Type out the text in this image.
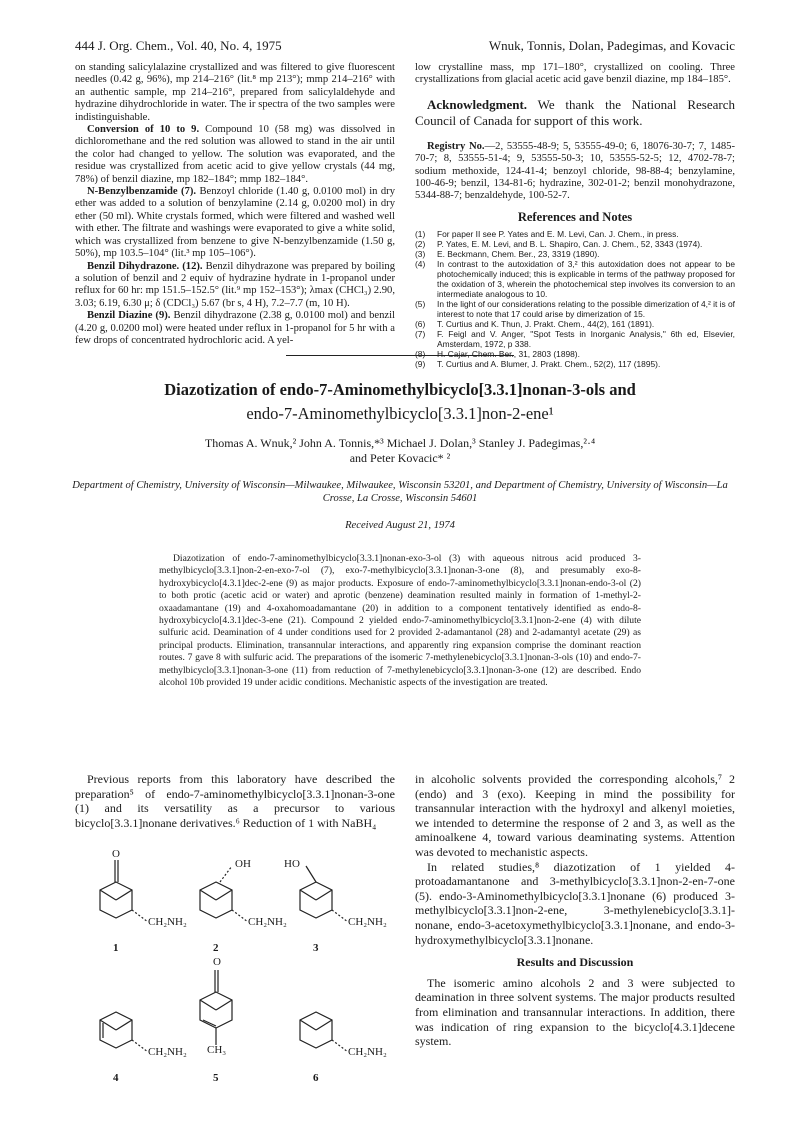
444 J. Org. Chem., Vol. 40, No. 4, 1975	Wnuk, Tonnis, Dolan, Padegimas, and Kovacic

on standing salicylalazine crystallized and was filtered to give fluorescent needles (0.42 g, 96%), mp 214–216° (lit.⁸ mp 213°); mmp 214–216° with an authentic sample, mp 214–216°, prepared from salicylaldehyde and hydrazine dihydrochloride in water. The ir spectra of the two samples were indistinguishable.

Conversion of 10 to 9. Compound 10 (58 mg) was dissolved in dichloromethane and the red solution was allowed to stand in the air until the color had changed to yellow. The solution was evaporated, and the residue was crystallized from acetic acid to give yellow crystals (44 mg, 78%) of benzil diazine, mp 182–184°; mmp 182–184°.

N-Benzylbenzamide (7). Benzoyl chloride (1.40 g, 0.0100 mol) in dry ether was added to a solution of benzylamine (2.14 g, 0.0200 mol) in dry ether (50 ml). White crystals formed, which were filtered and washed well with ether. The filtrate and washings were evaporated to give a white solid, which was crystallized from benzene to give N-benzylbenzamide (1.50 g, 50%), mp 103.5–104° (lit.³ mp 105–106°).

Benzil Dihydrazone. (12). Benzil dihydrazone was prepared by boiling a solution of benzil and 2 equiv of hydrazine hydrate in 1-propanol under reflux for 60 hr: mp 151.5–152.5° (lit.⁹ mp 152–153°); λmax (CHCl₃) 2.90, 3.03; 6.19, 6.30 μ; δ (CDCl₃) 5.67 (br s, 4 H), 7.2–7.7 (m, 10 H).

Benzil Diazine (9). Benzil dihydrazone (2.38 g, 0.0100 mol) and benzil (4.20 g, 0.0200 mol) were heated under reflux in 1-propanol for 5 hr with a few drops of concentrated hydrochloric acid. A yel-

low crystalline mass, mp 171–180°, crystallized on cooling. Three crystallizations from glacial acetic acid gave benzil diazine, mp 184–185°.

Acknowledgment. We thank the National Research Council of Canada for support of this work.

Registry No.—2, 53555-48-9; 5, 53555-49-0; 6, 18076-30-7; 7, 1485-70-7; 8, 53555-51-4; 9, 53555-50-3; 10, 53555-52-5; 12, 4702-78-7; sodium methoxide, 124-41-4; benzoyl chloride, 98-88-4; benzylamine, 100-46-9; benzil, 134-81-6; hydrazine, 302-01-2; benzil monohydrazone, 5344-88-7; benzaldehyde, 100-52-7.

References and Notes
(1) For paper II see P. Yates and E. M. Levi, Can. J. Chem., in press.
(2) P. Yates, E. M. Levi, and B. L. Shapiro, Can. J. Chem., 52, 3343 (1974).
(3) E. Beckmann, Chem. Ber., 23, 3319 (1890).
(4) In contrast to the autoxidation of 3,² this autoxidation does not appear to be photochemically induced; this is explicable in terms of the pathway proposed for the oxidation of 3, wherein the photochemical step involves its conversion to an intermediate analogous to 10.
(5) In the light of our considerations relating to the possible dimerization of 4,² it is of interest to note that 17 could arise by dimerization of 15.
(6) T. Curtius and K. Thun, J. Prakt. Chem., 44(2), 161 (1891).
(7) F. Feigl and V. Anger, "Spot Tests in Inorganic Analysis," 6th ed, Elsevier, Amsterdam, 1972, p 338.
(8) H. Cajar, Chem. Ber., 31, 2803 (1898).
(9) T. Curtius and A. Blumer, J. Prakt. Chem., 52(2), 117 (1895).
Diazotization of endo-7-Aminomethylbicyclo[3.3.1]nonan-3-ols and
endo-7-Aminomethylbicyclo[3.3.1]non-2-ene¹
Thomas A. Wnuk,² John A. Tonnis,*³ Michael J. Dolan,³ Stanley J. Padegimas,²·⁴
and Peter Kovacic* ²
Department of Chemistry, University of Wisconsin—Milwaukee, Milwaukee, Wisconsin 53201, and Department of Chemistry, University of Wisconsin—La Crosse, La Crosse, Wisconsin 54601
Received August 21, 1974
Diazotization of endo-7-aminomethylbicyclo[3.3.1]nonan-exo-3-ol (3) with aqueous nitrous acid produced 3-methylbicyclo[3.3.1]non-2-en-exo-7-ol (7), exo-7-methylbicyclo[3.3.1]nonan-3-one (8), and presumably exo-8-hydroxybicyclo[4.3.1]dec-2-ene (9) as major products. Exposure of endo-7-aminomethylbicyclo[3.3.1]nonan-endo-3-ol (2) to both protic (acetic acid or water) and aprotic (benzene) deamination resulted mainly in formation of 1-methyl-2-oxaadamantane (19) and 4-oxahomoadamantane (20) in addition to a component tentatively identified as endo-8-hydroxybicyclo[4.3.1]dec-3-ene (21). Compound 2 yielded endo-7-aminomethylbicyclo[3.3.1]non-2-ene (4) with dilute sulfuric acid. Deamination of 4 under conditions used for 2 provided 2-adamantanol (28) and 2-adamantyl acetate (29) as principal products. Elimination, transannular interactions, and apparently ring expansion comprise the dominant reaction routes. 7 gave 8 with sulfuric acid. The preparations of the isomeric 7-methylenebicyclo[3.3.1]nonan-3-ols (10) and endo-7-methylbicyclo[3.3.1]nonan-3-one (11) from reduction of 7-methylenebicyclo[3.3.1]nonan-3-one (12) are described. Endo alcohol 10b provided 19 under acidic conditions. Mechanistic aspects of the investigation are treated.

Previous reports from this laboratory have described the preparation⁵ of endo-7-aminomethylbicyclo[3.3.1]nonan-3-one (1) and its versatility as a precursor to various bicyclo[3.3.1]nonane derivatives.⁶ Reduction of 1 with NaBH₄

O
CH₂NH₂
1
OH
CH₂NH₂
2
HO
CH₂NH₂
3
CH₂NH₂
4
O
CH₃
5
CH₂NH₂
6

in alcoholic solvents provided the corresponding alcohols,⁷ 2 (endo) and 3 (exo). Keeping in mind the possibility for transannular interaction with the hydroxyl and alkenyl moieties, we intended to determine the response of 2 and 3, as well as the aminoalkene 4, toward various deaminating systems. Attention was devoted to mechanistic aspects.

In related studies,⁸ diazotization of 1 yielded 4-protoadamantanone and 3-methylbicyclo[3.3.1]non-2-en-7-one (5). endo-3-Aminomethylbicyclo[3.3.1]nonane (6) produced 3-methylbicyclo[3.3.1]non-2-ene, 3-methylenebicyclo[3.3.1]-nonane, endo-3-acetoxymethylbicyclo[3.3.1]nonane, and endo-3-hydroxymethylbicyclo[3.3.1]nonane.

Results and Discussion

The isomeric amino alcohols 2 and 3 were subjected to deamination in three solvent systems. The major products resulted from elimination and transannular interactions. In addition, there was indication of ring expansion to the bicyclo[4.3.1]decene system.
